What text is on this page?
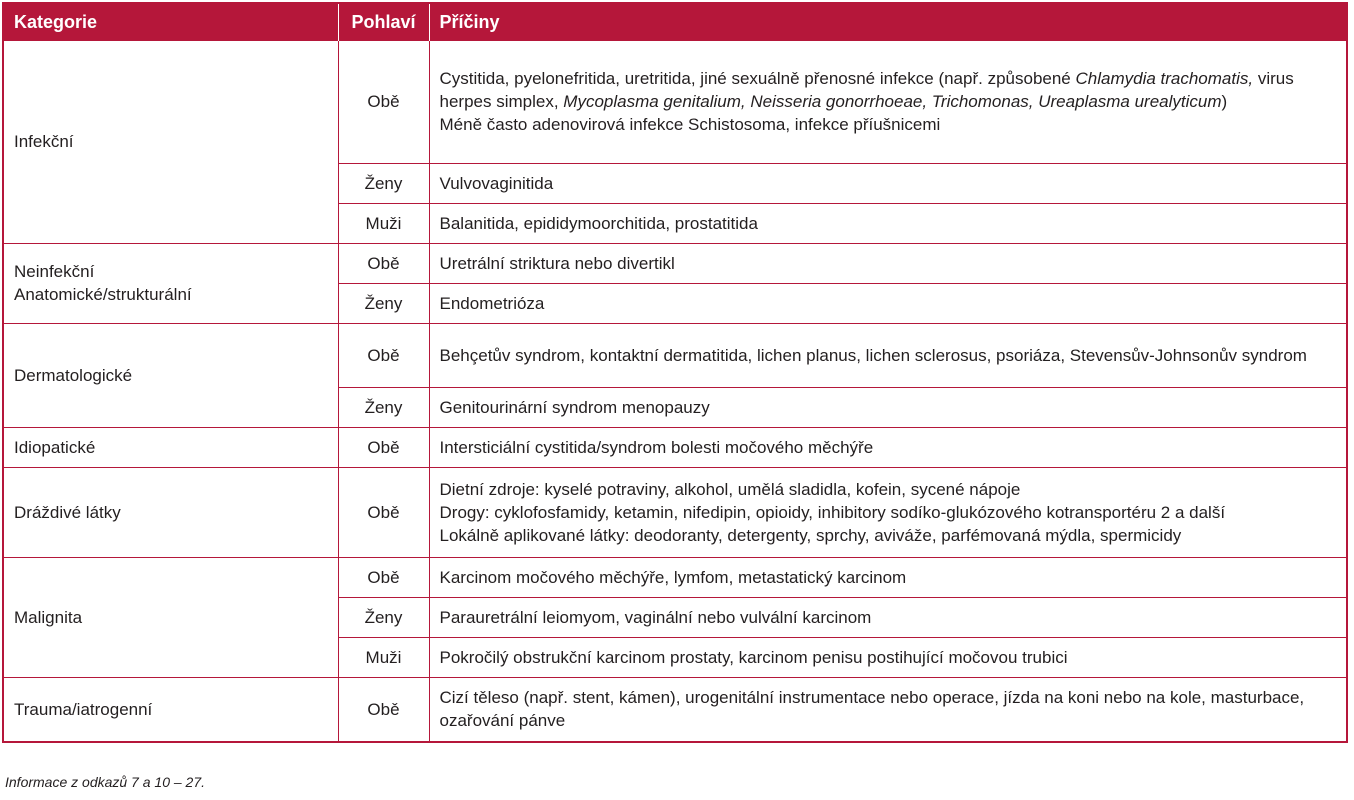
Kategorie	Pohlaví	Příčiny

Infekční	Obě	Cystitida, pyelonefritida, uretritida, jiné sexuálně přenosné infekce (např. způsobené Chlamydia trachomatis, virus herpes simplex, Mycoplasma genitalium, Neisseria gonorrhoeae, Trichomonas, Ureaplasma urealyticum)
Méně často adenovirová infekce Schistosoma, infekce příušnicemi

	Ženy	Vulvovaginitida

	Muži	Balanitida, epididymoorchitida, prostatitida

Neinfekční
Anatomické/strukturální	Obě	Uretrální striktura nebo divertikl

	Ženy	Endometrióza

Dermatologické	Obě	Behçetův syndrom, kontaktní dermatitida, lichen planus, lichen sclerosus, psoriáza, Stevensův-Johnsonův syndrom

	Ženy	Genitourinární syndrom menopauzy

Idiopatické	Obě	Intersticiální cystitida/syndrom bolesti močového měchýře

Dráždivé látky	Obě	Dietní zdroje: kyselé potraviny, alkohol, umělá sladidla, kofein, sycené nápoje
Drogy: cyklofosfamidy, ketamin, nifedipin, opioidy, inhibitory sodíko-glukózového kotransportéru 2 a další
Lokálně aplikované látky: deodoranty, detergenty, sprchy, aviváže, parfémovaná mýdla, spermicidy

Malignita	Obě	Karcinom močového měchýře, lymfom, metastatický karcinom

	Ženy	Parauretrální leiomyom, vaginální nebo vulvální karcinom

	Muži	Pokročilý obstrukční karcinom prostaty, karcinom penisu postihující močovou trubici

Trauma/iatrogenní	Obě	Cizí těleso (např. stent, kámen), urogenitální instrumentace nebo operace, jízda na koni nebo na kole, masturbace, ozařování pánve
Informace z odkazů 7 a 10 – 27.
